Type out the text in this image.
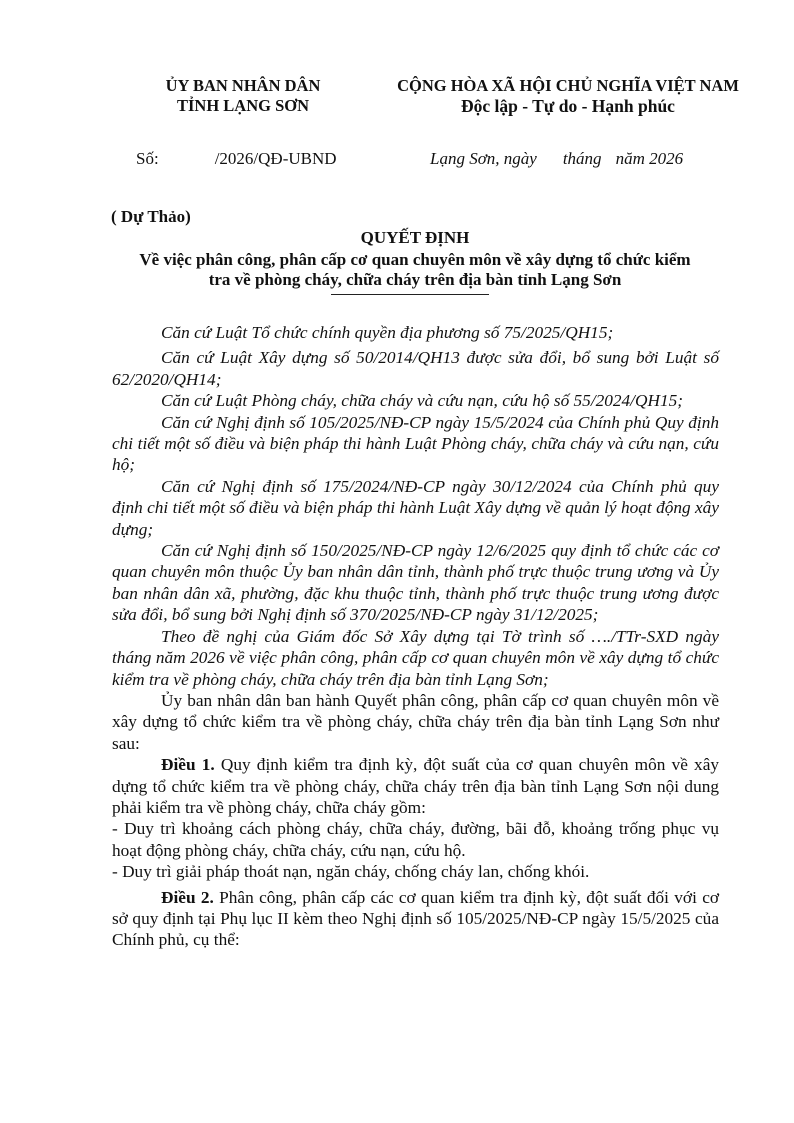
ỦY BAN NHÂN DÂN
TỈNH LẠNG SƠN
CỘNG HÒA XÃ HỘI CHỦ NGHĨA VIỆT NAM
Độc lập - Tự do - Hạnh phúc
Số:	/2026/QĐ-UBND	Lạng Sơn, ngày tháng năm 2026
( Dự Thảo)
QUYẾT ĐỊNH
Về việc phân công, phân cấp cơ quan chuyên môn về xây dựng tổ chức kiểm
tra về phòng cháy, chữa cháy trên địa bàn tỉnh Lạng Sơn

Căn cứ Luật Tổ chức chính quyền địa phương số 75/2025/QH15;

Căn cứ Luật Xây dựng số 50/2014/QH13 được sửa đổi, bổ sung bởi Luật số 62/2020/QH14;

Căn cứ Luật Phòng cháy, chữa cháy và cứu nạn, cứu hộ số 55/2024/QH15;

Căn cứ Nghị định số 105/2025/NĐ-CP ngày 15/5/2024 của Chính phủ Quy định chi tiết một số điều và biện pháp thi hành Luật Phòng cháy, chữa cháy và cứu nạn, cứu hộ;

Căn cứ Nghị định số 175/2024/NĐ-CP ngày 30/12/2024 của Chính phủ quy định chi tiết một số điều và biện pháp thi hành Luật Xây dựng về quản lý hoạt động xây dựng;

Căn cứ Nghị định số 150/2025/NĐ-CP ngày 12/6/2025 quy định tổ chức các cơ quan chuyên môn thuộc Ủy ban nhân dân tỉnh, thành phố trực thuộc trung ương và Ủy ban nhân dân xã, phường, đặc khu thuộc tỉnh, thành phố trực thuộc trung ương được sửa đổi, bổ sung bởi Nghị định số 370/2025/NĐ-CP ngày 31/12/2025;

Theo đề nghị của Giám đốc Sở Xây dựng tại Tờ trình số …./TTr-SXD ngày tháng năm 2026 về việc phân công, phân cấp cơ quan chuyên môn về xây dựng tổ chức kiểm tra về phòng cháy, chữa cháy trên địa bàn tỉnh Lạng Sơn;

Ủy ban nhân dân ban hành Quyết phân công, phân cấp cơ quan chuyên môn về xây dựng tổ chức kiểm tra về phòng cháy, chữa cháy trên địa bàn tỉnh Lạng Sơn như sau:

Điều 1. Quy định kiểm tra định kỳ, đột suất của cơ quan chuyên môn về xây dựng tổ chức kiểm tra về phòng cháy, chữa cháy trên địa bàn tỉnh Lạng Sơn nội dung phải kiểm tra về phòng cháy, chữa cháy gồm:

- Duy trì khoảng cách phòng cháy, chữa cháy, đường, bãi đỗ, khoảng trống phục vụ hoạt động phòng cháy, chữa cháy, cứu nạn, cứu hộ.

- Duy trì giải pháp thoát nạn, ngăn cháy, chống cháy lan, chống khói.

Điều 2. Phân công, phân cấp các cơ quan kiểm tra định kỳ, đột suất đối với cơ sở quy định tại Phụ lục II kèm theo Nghị định số 105/2025/NĐ-CP ngày 15/5/2025 của Chính phủ, cụ thể:
